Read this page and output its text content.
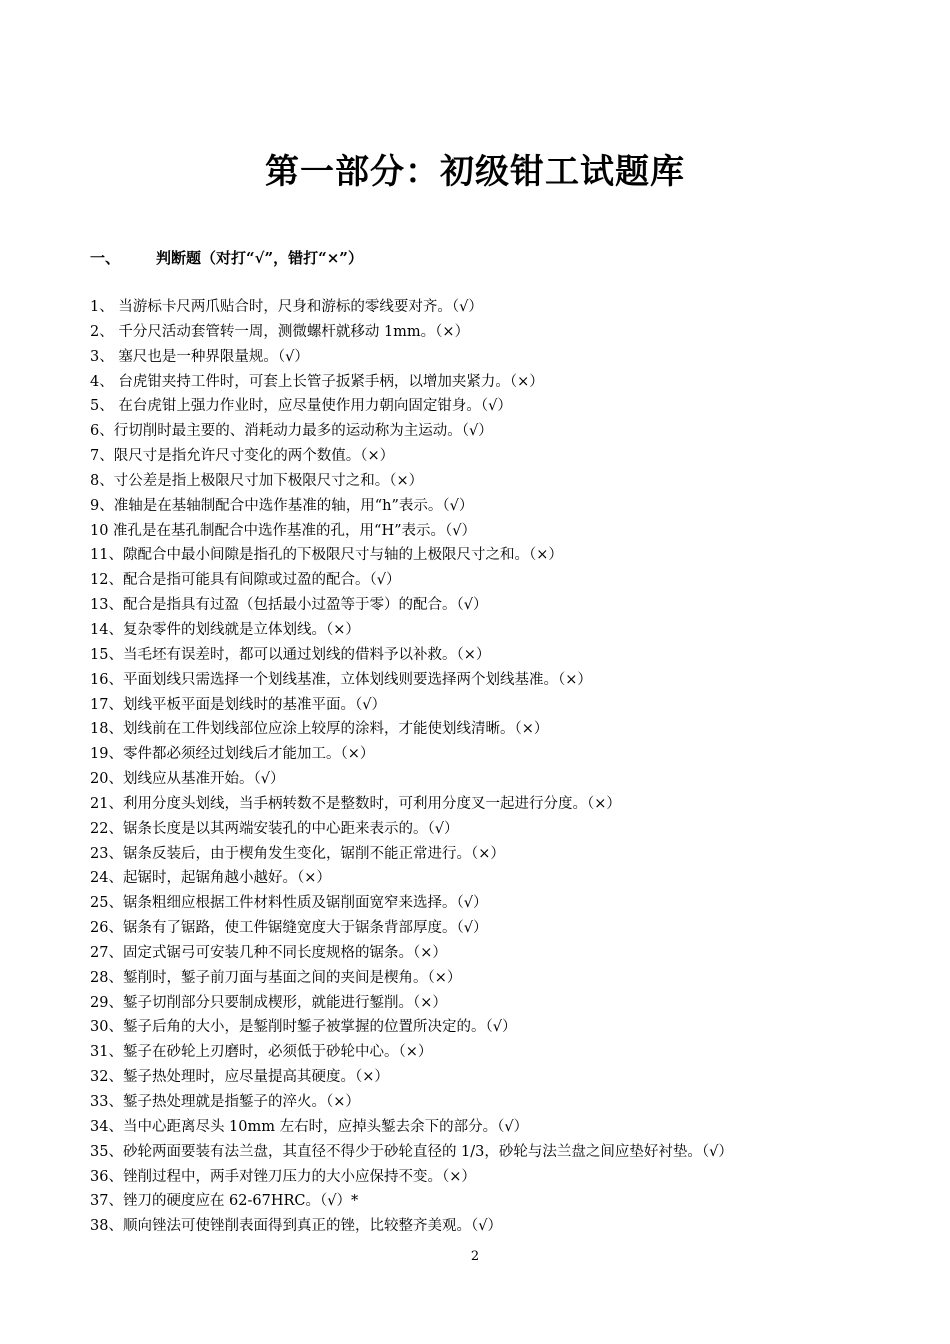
第一部分：初级钳工试题库
一、 判断题（对打“√”，错打“×”）
1、 当游标卡尺两爪贴合时，尺身和游标的零线要对齐。（√）
2、 千分尺活动套管转一周，测微螺杆就移动 1mm。（×）
3、 塞尺也是一种界限量规。（√）
4、 台虎钳夹持工件时，可套上长管子扳紧手柄，以增加夹紧力。（×）
5、 在台虎钳上强力作业时，应尽量使作用力朝向固定钳身。（√）
6、行切削时最主要的、消耗动力最多的运动称为主运动。（√）
7、限尺寸是指允许尺寸变化的两个数值。（×）
8、寸公差是指上极限尺寸加下极限尺寸之和。（×）
9、准轴是在基轴制配合中选作基准的轴，用“h”表示。（√）
10 准孔是在基孔制配合中选作基准的孔，用“H”表示。（√）
11、隙配合中最小间隙是指孔的下极限尺寸与轴的上极限尺寸之和。（×）
12、配合是指可能具有间隙或过盈的配合。（√）
13、配合是指具有过盈（包括最小过盈等于零）的配合。（√）
14、复杂零件的划线就是立体划线。（×）
15、当毛坯有误差时，都可以通过划线的借料予以补救。（×）
16、平面划线只需选择一个划线基准，立体划线则要选择两个划线基准。（×）
17、划线平板平面是划线时的基准平面。（√）
18、划线前在工件划线部位应涂上较厚的涂料，才能使划线清晰。（×）
19、零件都必须经过划线后才能加工。（×）
20、划线应从基准开始。（√）
21、利用分度头划线，当手柄转数不是整数时，可利用分度叉一起进行分度。（×）
22、锯条长度是以其两端安装孔的中心距来表示的。（√）
23、锯条反装后，由于楔角发生变化，锯削不能正常进行。（×）
24、起锯时，起锯角越小越好。（×）
25、锯条粗细应根据工件材料性质及锯削面宽窄来选择。（√）
26、锯条有了锯路，使工件锯缝宽度大于锯条背部厚度。（√）
27、固定式锯弓可安装几种不同长度规格的锯条。（×）
28、錾削时，錾子前刀面与基面之间的夹间是楔角。（×）
29、錾子切削部分只要制成楔形，就能进行錾削。（×）
30、錾子后角的大小，是錾削时錾子被掌握的位置所决定的。（√）
31、錾子在砂轮上刃磨时，必须低于砂轮中心。（×）
32、錾子热处理时，应尽量提高其硬度。（×）
33、錾子热处理就是指錾子的淬火。（×）
34、当中心距离尽头 10mm 左右时，应掉头錾去余下的部分。（√）
35、砂轮两面要装有法兰盘，其直径不得少于砂轮直径的 1/3，砂轮与法兰盘之间应垫好衬垫。（√）
36、锉削过程中，两手对锉刀压力的大小应保持不变。（×）
37、锉刀的硬度应在 62-67HRC。（√）*
38、顺向锉法可使锉削表面得到真正的锉，比较整齐美观。（√）
2
